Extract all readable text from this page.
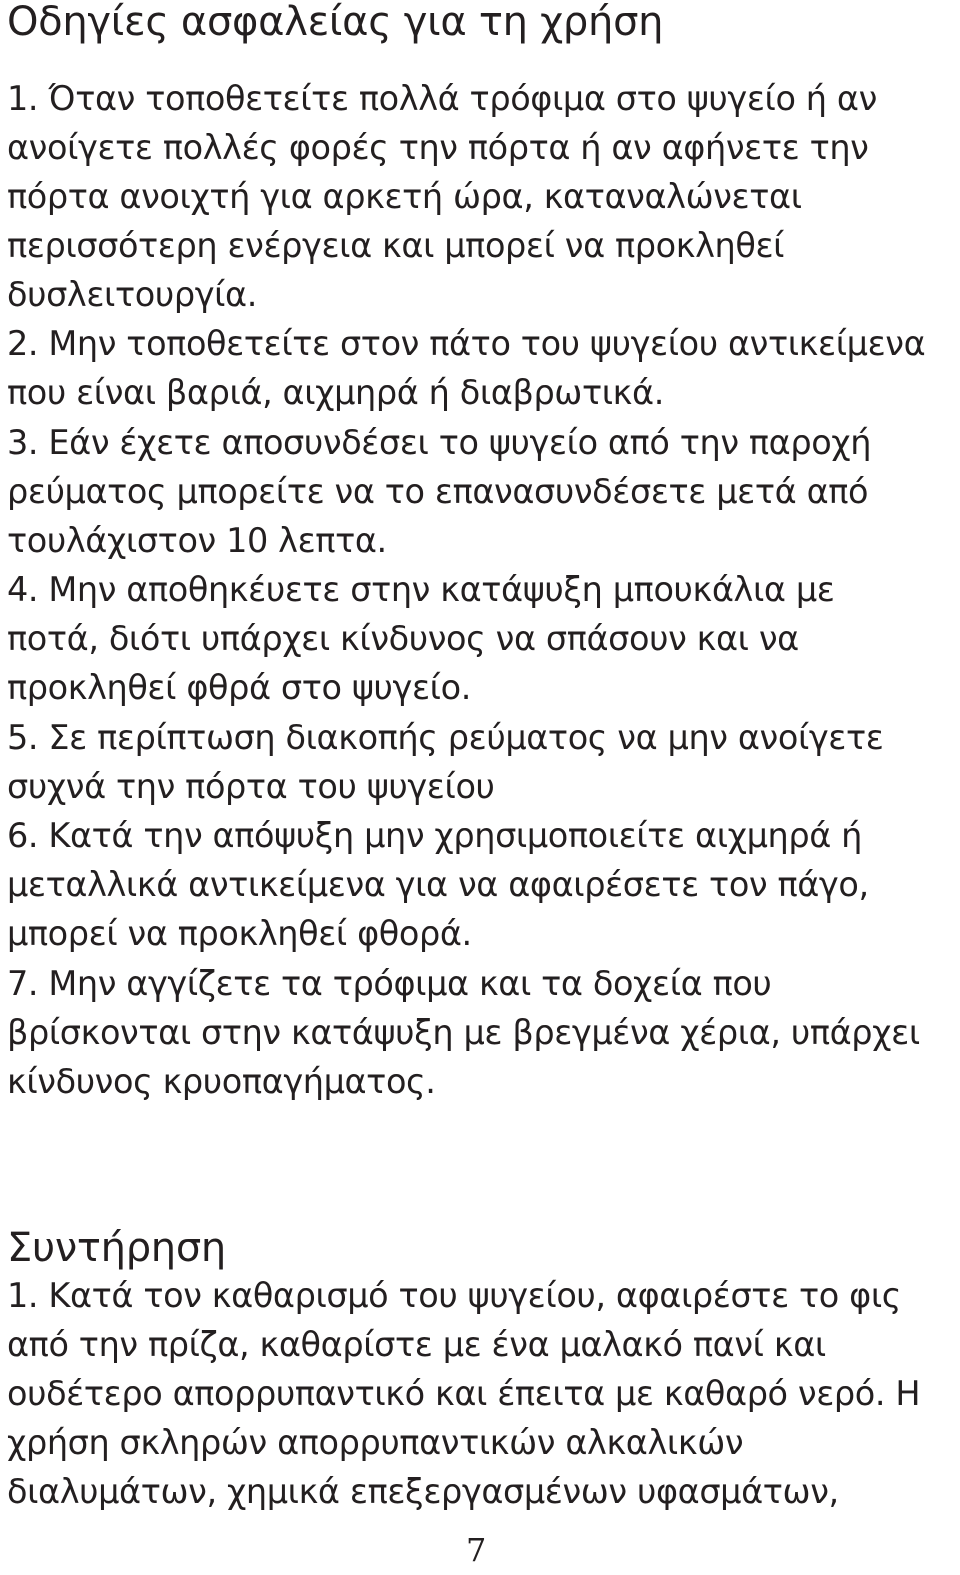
Οδηγίες ασφαλείας για τη χρήση

1. Όταν τοποθετείτε πολλά τρόφιμα στο ψυγείο ή αν

ανοίγετε πολλές φορές την πόρτα ή αν αφήνετε την

πόρτα ανοιχτή για αρκετή ώρα, καταναλώνεται

περισσότερη ενέργεια και μπορεί να προκληθεί

δυσλειτουργία.

2. Μην τοποθετείτε στον πάτο του ψυγείου αντικείμενα

που είναι βαριά, αιχμηρά ή διαβρωτικά.

3. Εάν έχετε αποσυνδέσει το ψυγείο από την παροχή

ρεύματος μπορείτε να το επανασυνδέσετε μετά από

τουλάχιστον 10 λεπτα.

4. Μην αποθηκέυετε στην κατάψυξη μπουκάλια με

ποτά, διότι υπάρχει κίνδυνος να σπάσουν και να

προκληθεί φθρά στο ψυγείο.

5. Σε περίπτωση διακοπής ρεύματος να μην ανοίγετε

συχνά την πόρτα του ψυγείου

6. Κατά την απόψυξη μην χρησιμοποιείτε αιχμηρά ή

μεταλλικά αντικείμενα για να αφαιρέσετε τον πάγο,

μπορεί να προκληθεί φθορά.

7. Μην αγγίζετε τα τρόφιμα και τα δοχεία που

βρίσκονται στην κατάψυξη με βρεγμένα χέρια, υπάρχει

κίνδυνος κρυοπαγήματος.

Συντήρηση

1. Κατά τον καθαρισμό του ψυγείου, αφαιρέστε το φις

από την πρίζα, καθαρίστε με ένα μαλακό πανί και

ουδέτερο απορρυπαντικό και έπειτα με καθαρό νερό. Η

χρήση σκληρών απορρυπαντικών αλκαλικών

διαλυμάτων, χημικά επεξεργασμένων υφασμάτων,

7
